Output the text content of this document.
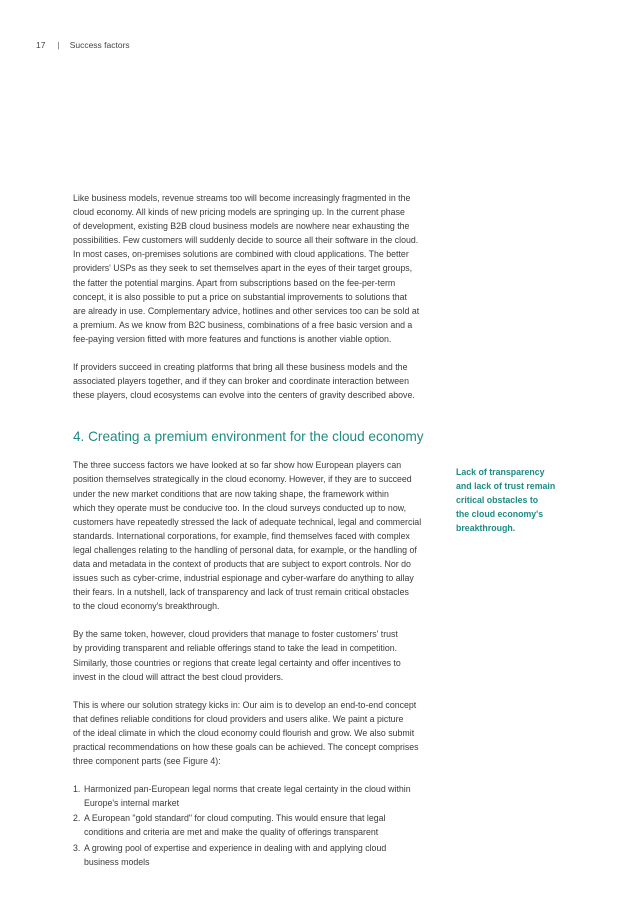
17 | Success factors

Like business models, revenue streams too will become increasingly fragmented in the
cloud economy. All kinds of new pricing models are springing up. In the current phase
of development, existing B2B cloud business models are nowhere near exhausting the
possibilities. Few customers will suddenly decide to source all their software in the cloud.
In most cases, on-premises solutions are combined with cloud applications. The better
providers' USPs as they seek to set themselves apart in the eyes of their target groups,
the fatter the potential margins. Apart from subscriptions based on the fee-per-term
concept, it is also possible to put a price on substantial improvements to solutions that
are already in use. Complementary advice, hotlines and other services too can be sold at
a premium. As we know from B2C business, combinations of a free basic version and a
fee-paying version fitted with more features and functions is another viable option.

If providers succeed in creating platforms that bring all these business models and the
associated players together, and if they can broker and coordinate interaction between
these players, cloud ecosystems can evolve into the centers of gravity described above.

4. Creating a premium environment for the cloud economy

The three success factors we have looked at so far show how European players can
position themselves strategically in the cloud economy. However, if they are to succeed
under the new market conditions that are now taking shape, the framework within
which they operate must be conducive too. In the cloud surveys conducted up to now,
customers have repeatedly stressed the lack of adequate technical, legal and commercial
standards. International corporations, for example, find themselves faced with complex
legal challenges relating to the handling of personal data, for example, or the handling of
data and metadata in the context of products that are subject to export controls. Nor do
issues such as cyber-crime, industrial espionage and cyber-warfare do anything to allay
their fears. In a nutshell, lack of transparency and lack of trust remain critical obstacles
to the cloud economy's breakthrough.

By the same token, however, cloud providers that manage to foster customers' trust
by providing transparent and reliable offerings stand to take the lead in competition.
Similarly, those countries or regions that create legal certainty and offer incentives to
invest in the cloud will attract the best cloud providers.

This is where our solution strategy kicks in: Our aim is to develop an end-to-end concept
that defines reliable conditions for cloud providers and users alike. We paint a picture
of the ideal climate in which the cloud economy could flourish and grow. We also submit
practical recommendations on how these goals can be achieved. The concept comprises
three component parts (see Figure 4):

1. Harmonized pan-European legal norms that create legal certainty in the cloud within
Europe's internal market
2. A European "gold standard" for cloud computing. This would ensure that legal
conditions and criteria are met and make the quality of offerings transparent
3. A growing pool of expertise and experience in dealing with and applying cloud
business models
Lack of transparency
and lack of trust remain
critical obstacles to
the cloud economy's
breakthrough.
